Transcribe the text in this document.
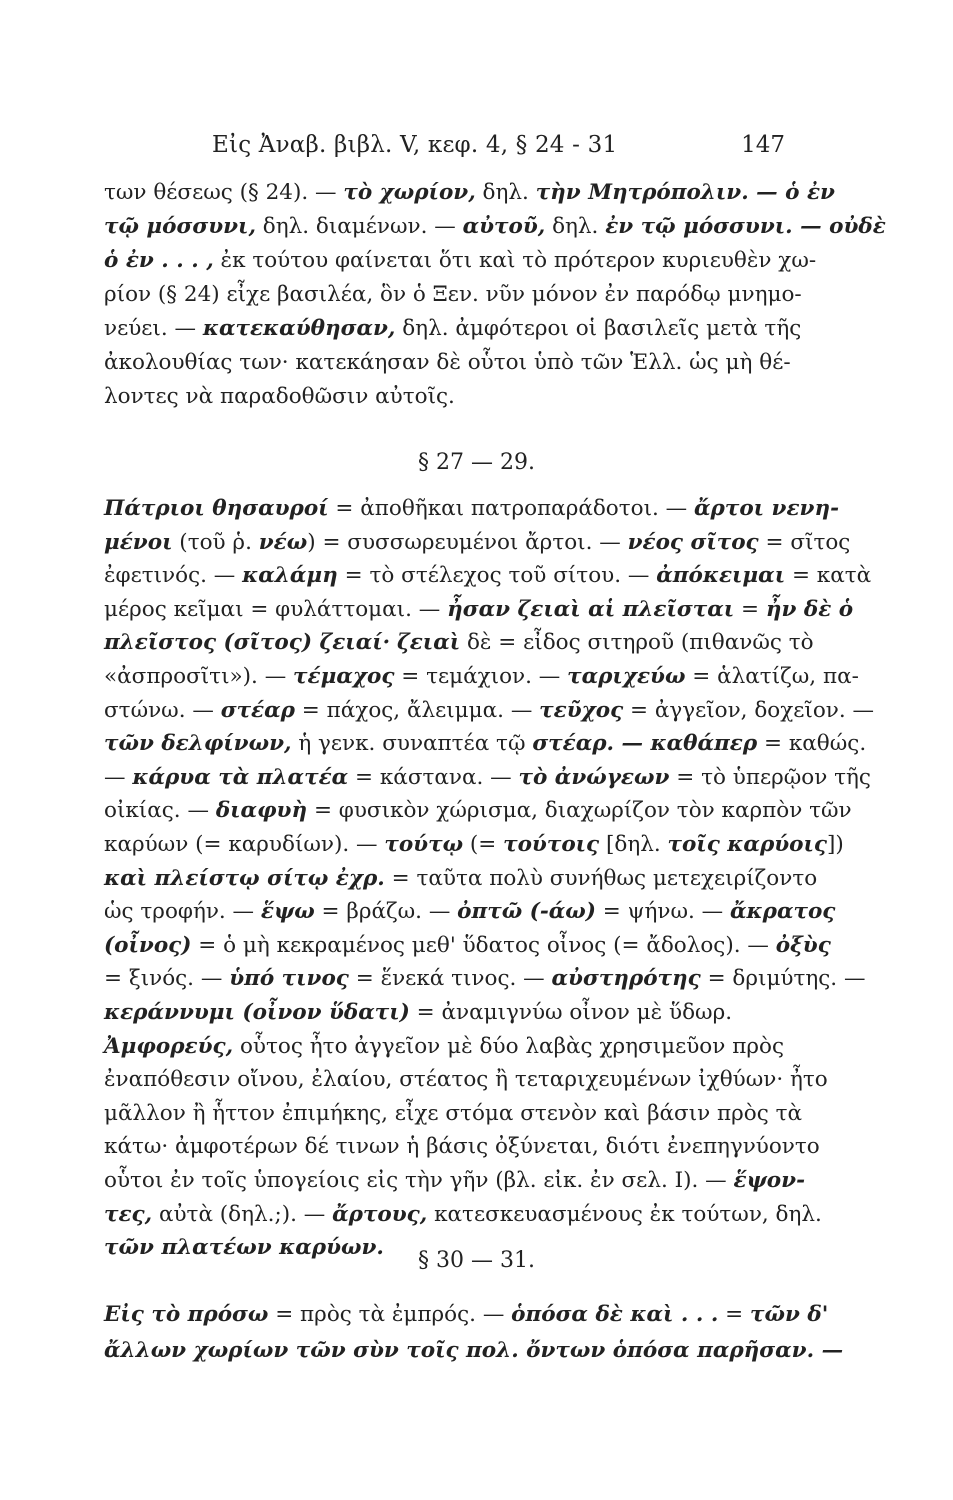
Εἰς Ἀναβ. βιβλ. V, κεφ. 4, § 24 - 31	147
των θέσεως (§ 24). — τὸ χωρίον, δηλ. τὴν Μητρόπολιν. — ὁ ἐν
τῷ μόσσυνι, δηλ. διαμένων. — αὐτοῦ, δηλ. ἐν τῷ μόσσυνι. — οὐδὲ
ὁ ἐν . . . , ἐκ τούτου φαίνεται ὅτι καὶ τὸ πρότερον κυριευθὲν χω-
ρίον (§ 24) εἶχε βασιλέα, ὃν ὁ Ξεν. νῦν μόνον ἐν παρόδῳ μνημο-
νεύει. — κατεκαύθησαν, δηλ. ἀμφότεροι οἱ βασιλεῖς μετὰ τῆς
ἀκολουθίας των· κατεκάησαν δὲ οὗτοι ὑπὸ τῶν Ἑλλ. ὡς μὴ θέ-
λοντες νὰ παραδοθῶσιν αὐτοῖς.
§ 27 — 29.
Πάτριοι θησαυροί = ἀποθῆκαι πατροπαράδοτοι. — ἄρτοι νενη-
μένοι (τοῦ ῥ. νέω) = συσσωρευμένοι ἄρτοι. — νέος σῖτος = σῖτος
ἐφετινός. — καλάμη = τὸ στέλεχος τοῦ σίτου. — ἀπόκειμαι = κατὰ
μέρος κεῖμαι = φυλάττομαι. — ἦσαν ζειαὶ αἱ πλεῖσται = ἦν δὲ ὁ
πλεῖστος (σῖτος) ζειαί· ζειαὶ δὲ = εἶδος σιτηροῦ (πιθανῶς τὸ
«ἀσπροσῖτι»). — τέμαχος = τεμάχιον. — ταριχεύω = ἁλατίζω, πα-
στώνω. — στέαρ = πάχος, ἄλειμμα. — τεῦχος = ἀγγεῖον, δοχεῖον. —
τῶν δελφίνων, ἡ γενκ. συναπτέα τῷ στέαρ. — καθάπερ = καθώς.
— κάρυα τὰ πλατέα = κάστανα. — τὸ ἀνώγεων = τὸ ὑπερῷον τῆς
οἰκίας. — διαφυὴ = φυσικὸν χώρισμα, διαχωρίζον τὸν καρπὸν τῶν
καρύων (= καρυδίων). — τούτῳ (= τούτοις [δηλ. τοῖς καρύοις])
καὶ πλείστῳ σίτῳ ἐχρ. = ταῦτα πολὺ συνήθως μετεχειρίζοντο
ὡς τροφήν. — ἕψω = βράζω. — ὀπτῶ (-άω) = ψήνω. — ἄκρατος
(οἶνος) = ὁ μὴ κεκραμένος μεθ' ὕδατος οἶνος (= ἄδολος). — ὀξὺς
= ξινός. — ὑπό τινος = ἕνεκά τινος. — αὐστηρότης = δριμύτης. —
κεράννυμι (οἶνον ὕδατι) = ἀναμιγνύω οἶνον μὲ ὕδωρ.
Ἀμφορεύς, οὗτος ἦτο ἀγγεῖον μὲ δύο λαβὰς χρησιμεῦον πρὸς
ἐναπόθεσιν οἴνου, ἐλαίου, στέατος ἢ τεταριχευμένων ἰχθύων· ἦτο
μᾶλλον ἢ ἧττον ἐπιμήκης, εἶχε στόμα στενὸν καὶ βάσιν πρὸς τὰ
κάτω· ἀμφοτέρων δέ τινων ἡ βάσις ὀξύνεται, διότι ἐνεπηγνύοντο
οὗτοι ἐν τοῖς ὑπογείοις εἰς τὴν γῆν (βλ. εἰκ. ἐν σελ. I). — ἕψον-
τες, αὐτὰ (δηλ.;). — ἄρτους, κατεσκευασμένους ἐκ τούτων, δηλ.
τῶν πλατέων καρύων.
§ 30 — 31.
Εἰς τὸ πρόσω = πρὸς τὰ ἐμπρός. — ὁπόσα δὲ καὶ . . . = τῶν δ'
ἄλλων χωρίων τῶν σὺν τοῖς πολ. ὄντων ὁπόσα παρῆσαν. —
